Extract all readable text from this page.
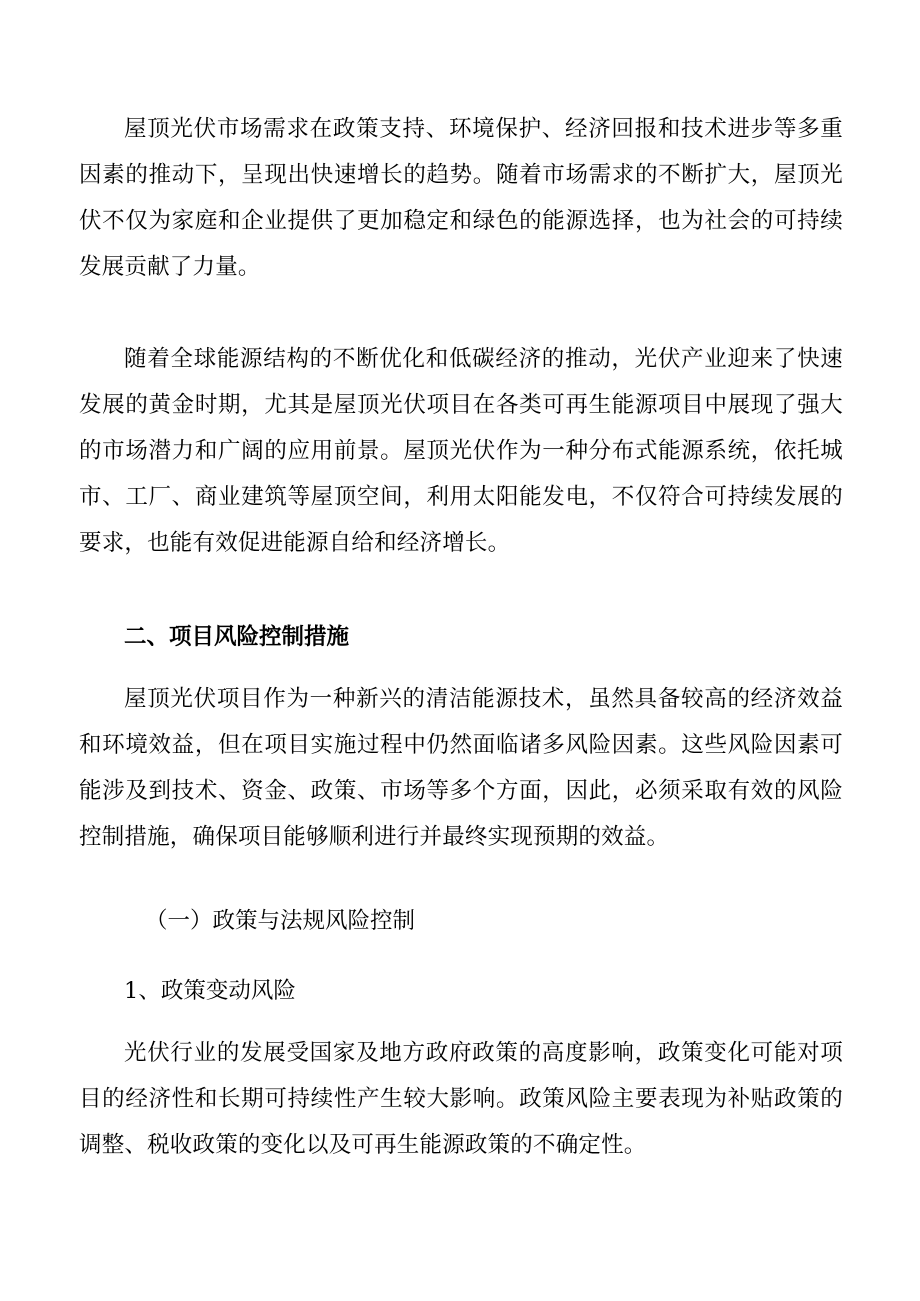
屋顶光伏市场需求在政策支持、环境保护、经济回报和技术进步等多重因素的推动下，呈现出快速增长的趋势。随着市场需求的不断扩大，屋顶光伏不仅为家庭和企业提供了更加稳定和绿色的能源选择，也为社会的可持续发展贡献了力量。

随着全球能源结构的不断优化和低碳经济的推动，光伏产业迎来了快速发展的黄金时期，尤其是屋顶光伏项目在各类可再生能源项目中展现了强大的市场潜力和广阔的应用前景。屋顶光伏作为一种分布式能源系统，依托城市、工厂、商业建筑等屋顶空间，利用太阳能发电，不仅符合可持续发展的要求，也能有效促进能源自给和经济增长。

二、项目风险控制措施

屋顶光伏项目作为一种新兴的清洁能源技术，虽然具备较高的经济效益和环境效益，但在项目实施过程中仍然面临诸多风险因素。这些风险因素可能涉及到技术、资金、政策、市场等多个方面，因此，必须采取有效的风险控制措施，确保项目能够顺利进行并最终实现预期的效益。

（一）政策与法规风险控制

1、政策变动风险

光伏行业的发展受国家及地方政府政策的高度影响，政策变化可能对项目的经济性和长期可持续性产生较大影响。政策风险主要表现为补贴政策的调整、税收政策的变化以及可再生能源政策的不确定性。
